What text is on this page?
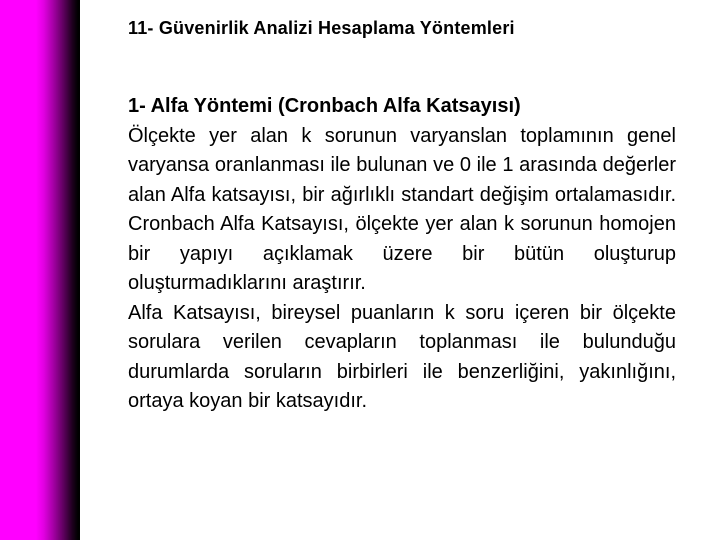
11- Güvenirlik Analizi Hesaplama Yöntemleri
1- Alfa Yöntemi (Cronbach Alfa Katsayısı)

Ölçekte yer alan k sorunun varyanslan toplamının genel varyansa oranlanması ile bulunan ve 0 ile 1 arasında değerler alan Alfa katsayısı, bir ağırlıklı standart değişim ortalamasıdır. Cronbach Alfa Katsayısı, ölçekte yer alan k sorunun homojen bir yapıyı açıklamak üzere bir bütün oluşturup oluşturmadıklarını araştırır.

Alfa Katsayısı, bireysel puanların k soru içeren bir ölçekte sorulara verilen cevapların toplanması ile bulunduğu durumlarda soruların birbirleri ile benzerliğini, yakınlığını, ortaya koyan bir katsayıdır.
